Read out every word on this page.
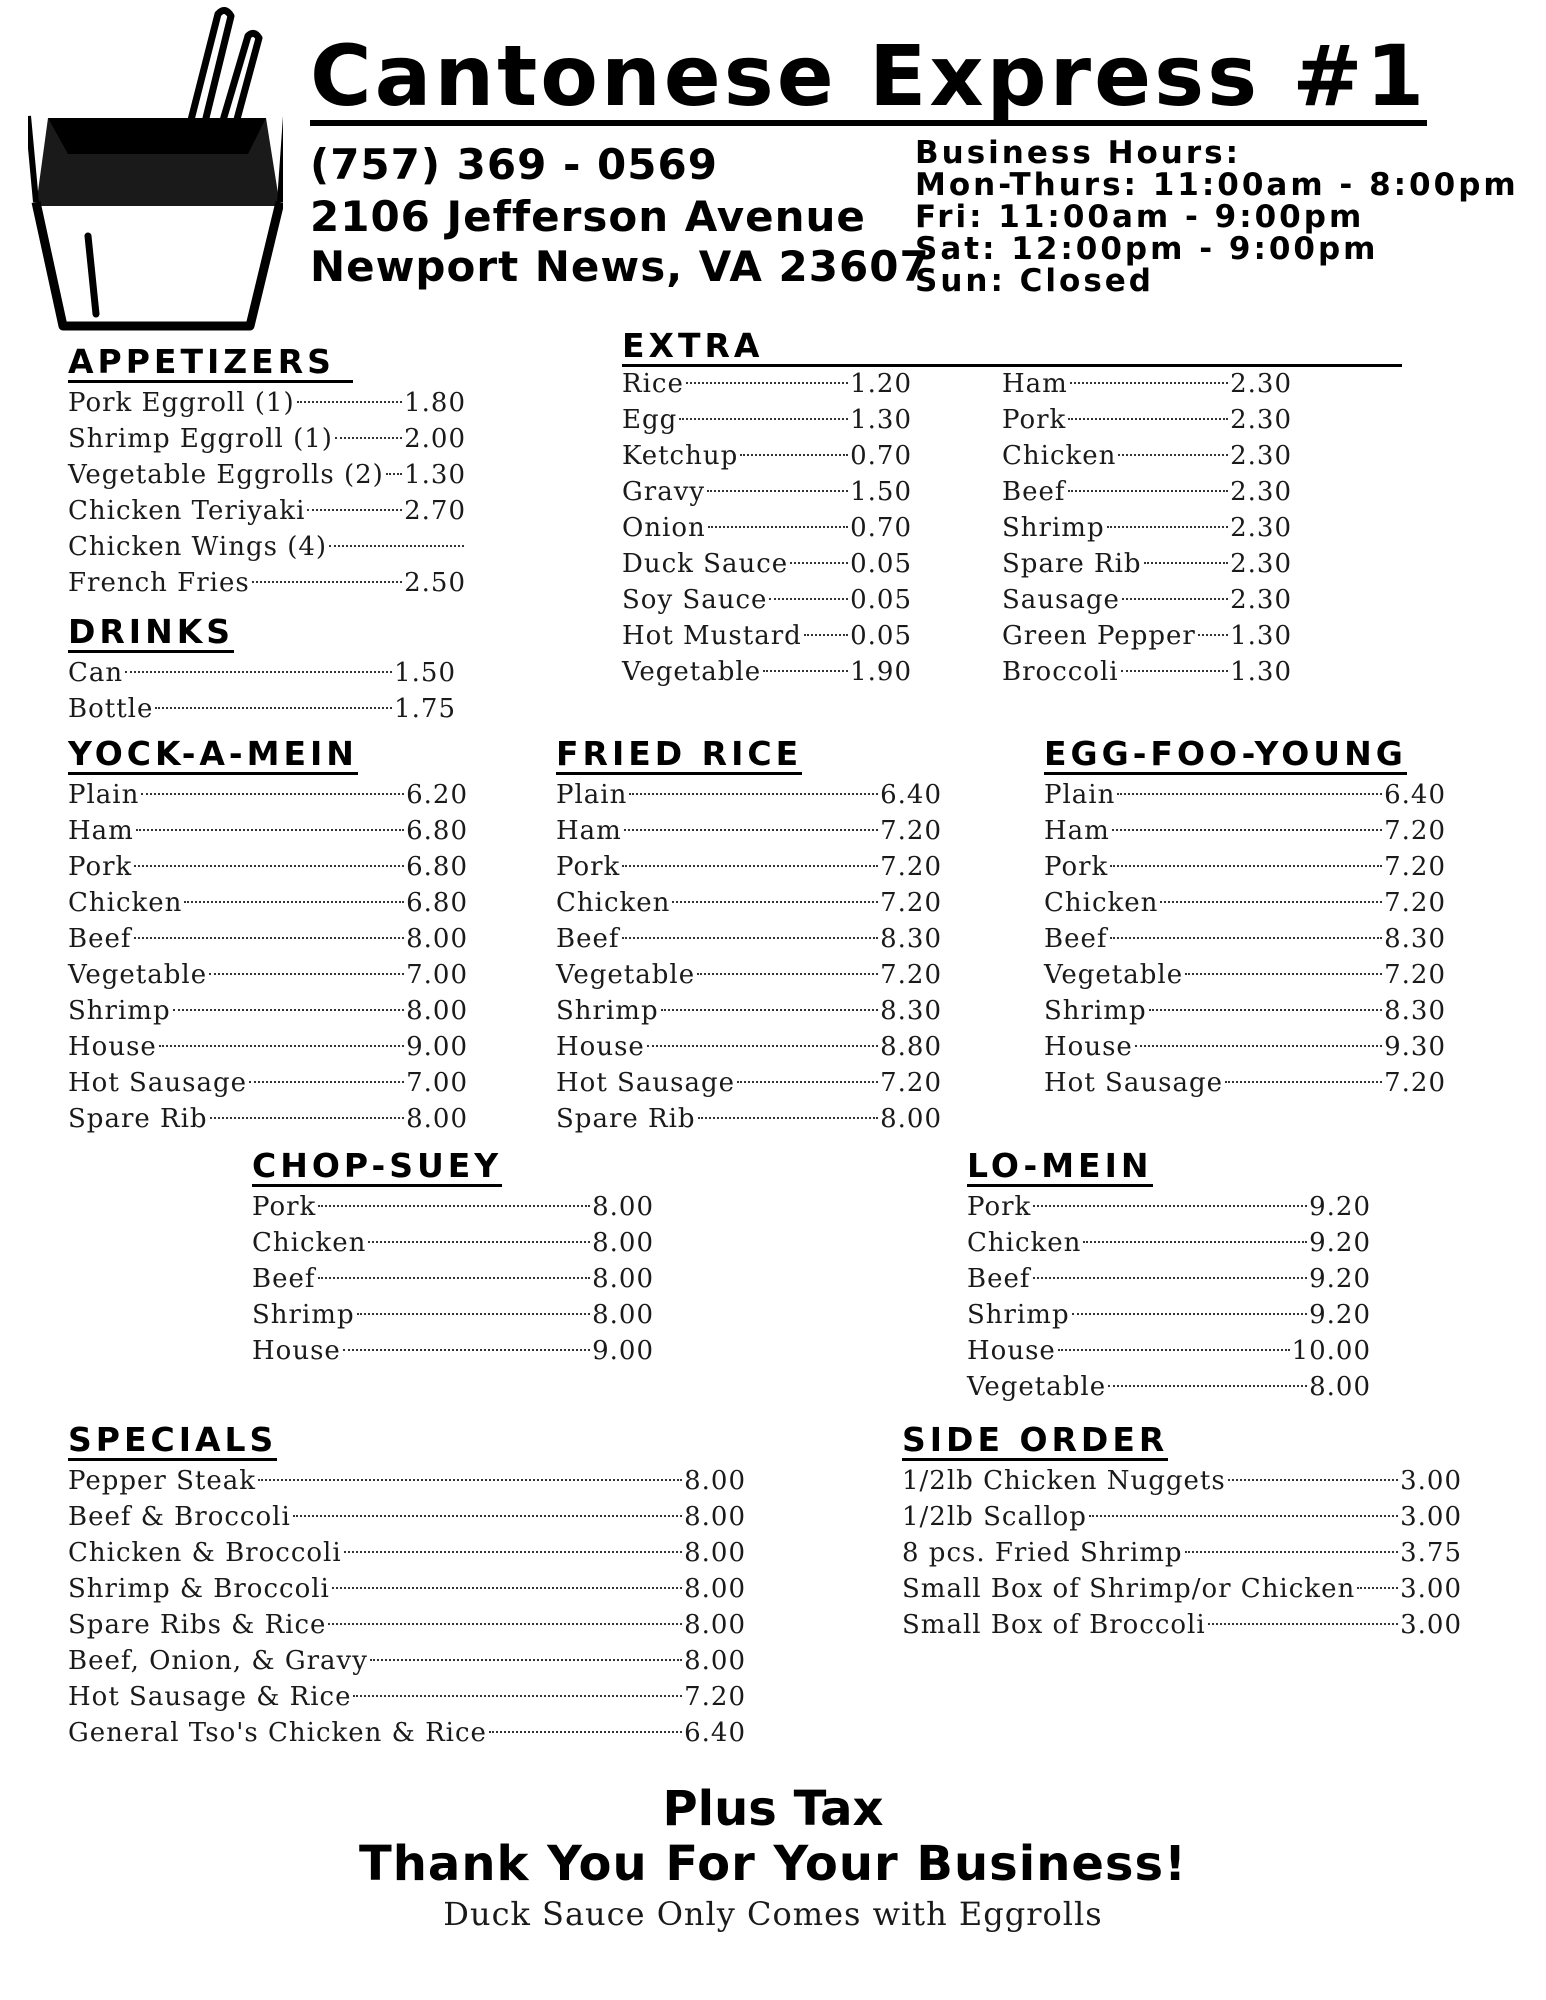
Cantonese Express #1
(757) 369 - 0569
2106 Jefferson Avenue
Newport News, VA 23607
Business Hours:
Mon-Thurs: 11:00am - 8:00pm
Fri: 11:00am - 9:00pm
Sat: 12:00pm - 9:00pm
Sun: Closed
APPETIZERS
Pork Eggroll (1)	1.80
Shrimp Eggroll (1)	2.00
Vegetable Eggrolls (2) 1.30
Chicken Teriyaki	2.70
Chicken Wings (4)
French Fries	2.50
DRINKS
Can	1.50
Bottle	1.75
EXTRA
Rice	1.20
Egg	1.30
Ketchup	0.70
Gravy	1.50
Onion	0.70
Duck Sauce 0.05
Soy Sauce	0.05
Hot Mustard 0.05
Vegetable	1.90
Ham	2.30
Pork	2.30
Chicken	2.30
Beef	2.30
Shrimp	2.30
Spare Rib	2.30
Sausage	2.30
Green Pepper 1.30
Broccoli	1.30
YOCK-A-MEIN
Plain	6.20
Ham	6.80
Pork	6.80
Chicken	6.80
Beef	8.00
Vegetable	7.00
Shrimp	8.00
House	9.00
Hot Sausage	7.00
Spare Rib	8.00
FRIED RICE
Plain	6.40
Ham	7.20
Pork	7.20
Chicken	7.20
Beef	8.30
Vegetable	7.20
Shrimp	8.30
House	8.80
Hot Sausage	7.20
Spare Rib	8.00
EGG-FOO-YOUNG
Plain	6.40
Ham	7.20
Pork	7.20
Chicken	7.20
Beef	8.30
Vegetable	7.20
Shrimp	8.30
House	9.30
Hot Sausage	7.20
CHOP-SUEY
Pork	8.00
Chicken	8.00
Beef	8.00
Shrimp	8.00
House	9.00
LO-MEIN
Pork	9.20
Chicken	9.20
Beef	9.20
Shrimp	9.20
House	10.00
Vegetable	8.00
SPECIALS
Pepper Steak	8.00
Beef & Broccoli	8.00
Chicken & Broccoli	8.00
Shrimp & Broccoli	8.00
Spare Ribs & Rice	8.00
Beef, Onion, & Gravy	8.00
Hot Sausage & Rice	7.20
General Tso's Chicken & Rice	6.40
SIDE ORDER
1/2lb Chicken Nuggets	3.00
1/2lb Scallop	3.00
8 pcs. Fried Shrimp	3.75
Small Box of Shrimp/or Chicken 3.00
Small Box of Broccoli	3.00
Plus Tax
Thank You For Your Business!
Duck Sauce Only Comes with Eggrolls
